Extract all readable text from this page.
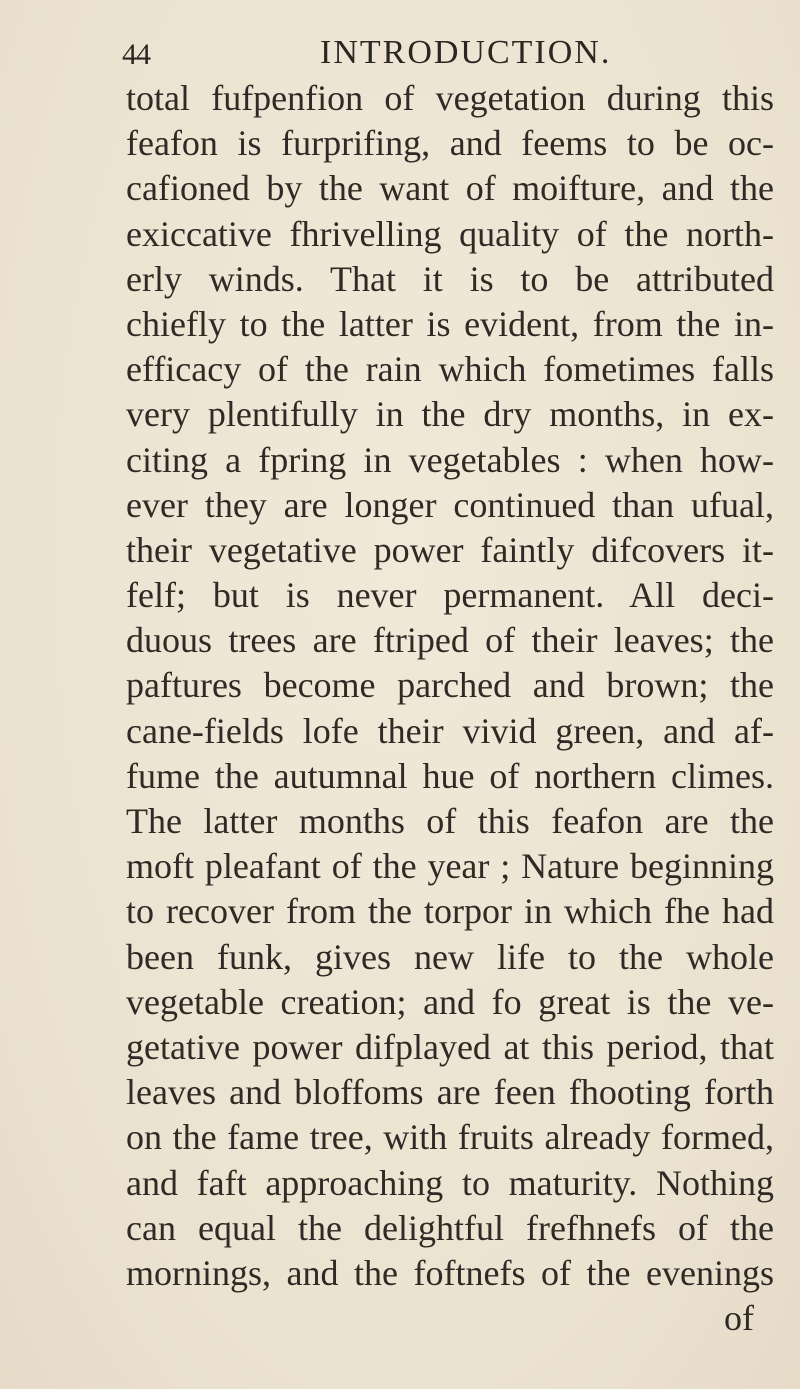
44	INTRODUCTION.
total fufpenfion of vegetation during this
feafon is furprifing, and feems to be oc-
cafioned by the want of moifture, and the
exiccative fhrivelling quality of the north-
erly winds. That it is to be attributed
chiefly to the latter is evident, from the in-
efficacy of the rain which fometimes falls
very plentifully in the dry months, in ex-
citing a fpring in vegetables : when how-
ever they are longer continued than ufual,
their vegetative power faintly difcovers it-
felf; but is never permanent. All deci-
duous trees are ftriped of their leaves; the
paftures become parched and brown; the
cane-fields lofe their vivid green, and af-
fume the autumnal hue of northern climes.
The latter months of this feafon are the
moft pleafant of the year ; Nature beginning
to recover from the torpor in which fhe had
been funk, gives new life to the whole
vegetable creation; and fo great is the ve-
getative power difplayed at this period, that
leaves and bloffoms are feen fhooting forth
on the fame tree, with fruits already formed,
and faft approaching to maturity. Nothing
can equal the delightful frefhnefs of the
mornings, and the foftnefs of the evenings
of
